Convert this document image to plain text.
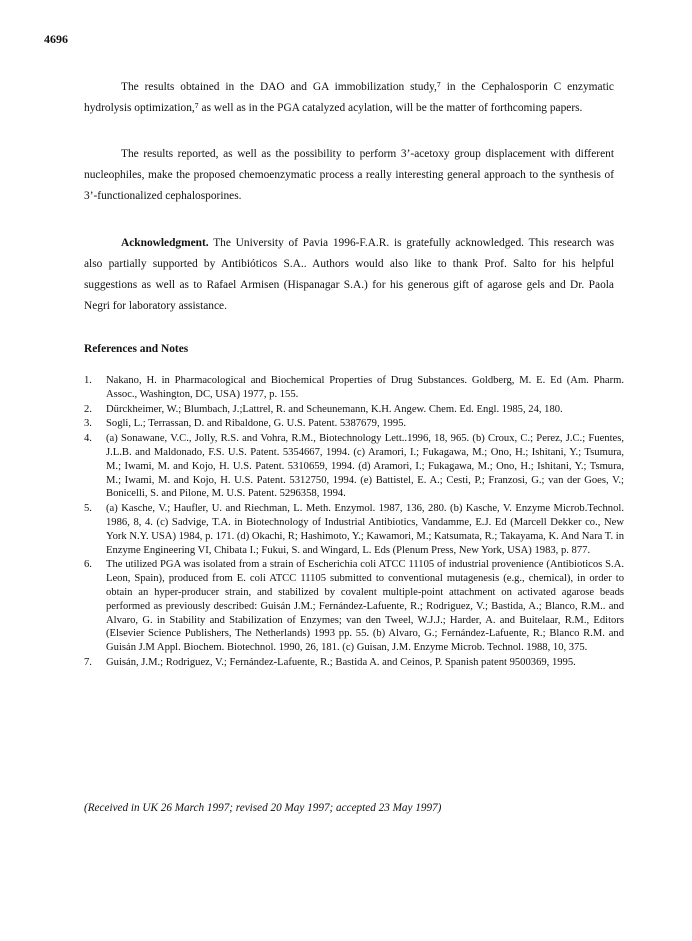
4696

The results obtained in the DAO and GA immobilization study,⁷ in the Cephalosporin C enzymatic hydrolysis optimization,⁷ as well as in the PGA catalyzed acylation, will be the matter of forthcoming papers.

The results reported, as well as the possibility to perform 3’-acetoxy group displacement with different nucleophiles, make the proposed chemoenzymatic process a really interesting general approach to the synthesis of 3’-functionalized cephalosporines.

Acknowledgment. The University of Pavia 1996-F.A.R. is gratefully acknowledged. This research was also partially supported by Antibióticos S.A.. Authors would also like to thank Prof. Salto for his helpful suggestions as well as to Rafael Armisen (Hispanagar S.A.) for his generous gift of agarose gels and Dr. Paola Negri for laboratory assistance.

References and Notes

1. Nakano, H. in Pharmacological and Biochemical Properties of Drug Substances. Goldberg, M. E. Ed (Am. Pharm. Assoc., Washington, DC, USA) 1977, p. 155.
2. Dürckheimer, W.; Blumbach, J.;Lattrel, R. and Scheunemann, K.H. Angew. Chem. Ed. Engl. 1985, 24, 180.
3. Sogli, L.; Terrassan, D. and Ribaldone, G. U.S. Patent. 5387679, 1995.
4. (a) Sonawane, V.C., Jolly, R.S. and Vohra, R.M., Biotechnology Lett..1996, 18, 965. (b) Croux, C.; Perez, J.C.; Fuentes, J.L.B. and Maldonado, F.S. U.S. Patent. 5354667, 1994. (c) Aramori, I.; Fukagawa, M.; Ono, H.; Ishitani, Y.; Tsumura, M.; Iwami, M. and Kojo, H. U.S. Patent. 5310659, 1994. (d) Aramori, I.; Fukagawa, M.; Ono, H.; Ishitani, Y.; Tsmura, M.; Iwami, M. and Kojo, H. U.S. Patent. 5312750, 1994. (e) Battistel, E. A.; Cesti, P.; Franzosi, G.; van der Goes, V.; Bonicelli, S. and Pilone, M. U.S. Patent. 5296358, 1994.
5. (a) Kasche, V.; Haufler, U. and Riechman, L. Meth. Enzymol. 1987, 136, 280. (b) Kasche, V. Enzyme Microb.Technol. 1986, 8, 4. (c) Sadvige, T.A. in Biotechnology of Industrial Antibiotics, Vandamme, E.J. Ed (Marcell Dekker co., New York N.Y. USA) 1984, p. 171. (d) Okachi, R; Hashimoto, Y.; Kawamori, M.; Katsumata, R.; Takayama, K. And Nara T. in Enzyme Engineering VI, Chibata I.; Fukui, S. and Wingard, L. Eds (Plenum Press, New York, USA) 1983, p. 877.
6. The utilized PGA was isolated from a strain of Escherichia coli ATCC 11105 of industrial provenience (Antibioticos S.A. Leon, Spain), produced from E. coli ATCC 11105 submitted to conventional mutagenesis (e.g., chemical), in order to obtain an hyper-producer strain, and stabilized by covalent multiple-point attachment on activated agarose beads performed as previously described: Guisán J.M.; Fernández-Lafuente, R.; Rodriguez, V.; Bastida, A.; Blanco, R.M.. and Alvaro, G. in Stability and Stabilization of Enzymes; van den Tweel, W.J.J.; Harder, A. and Buitelaar, R.M., Editors (Elsevier Science Publishers, The Netherlands) 1993 pp. 55. (b) Alvaro, G.; Fernández-Lafuente, R.; Blanco R.M. and Guisán J.M Appl. Biochem. Biotechnol. 1990, 26, 181. (c) Guisan, J.M. Enzyme Microb. Technol. 1988, 10, 375.
7. Guisán, J.M.; Rodriguez, V.; Fernández-Lafuente, R.; Bastida A. and Ceinos, P. Spanish patent 9500369, 1995.

(Received in UK 26 March 1997; revised 20 May 1997; accepted 23 May 1997)
